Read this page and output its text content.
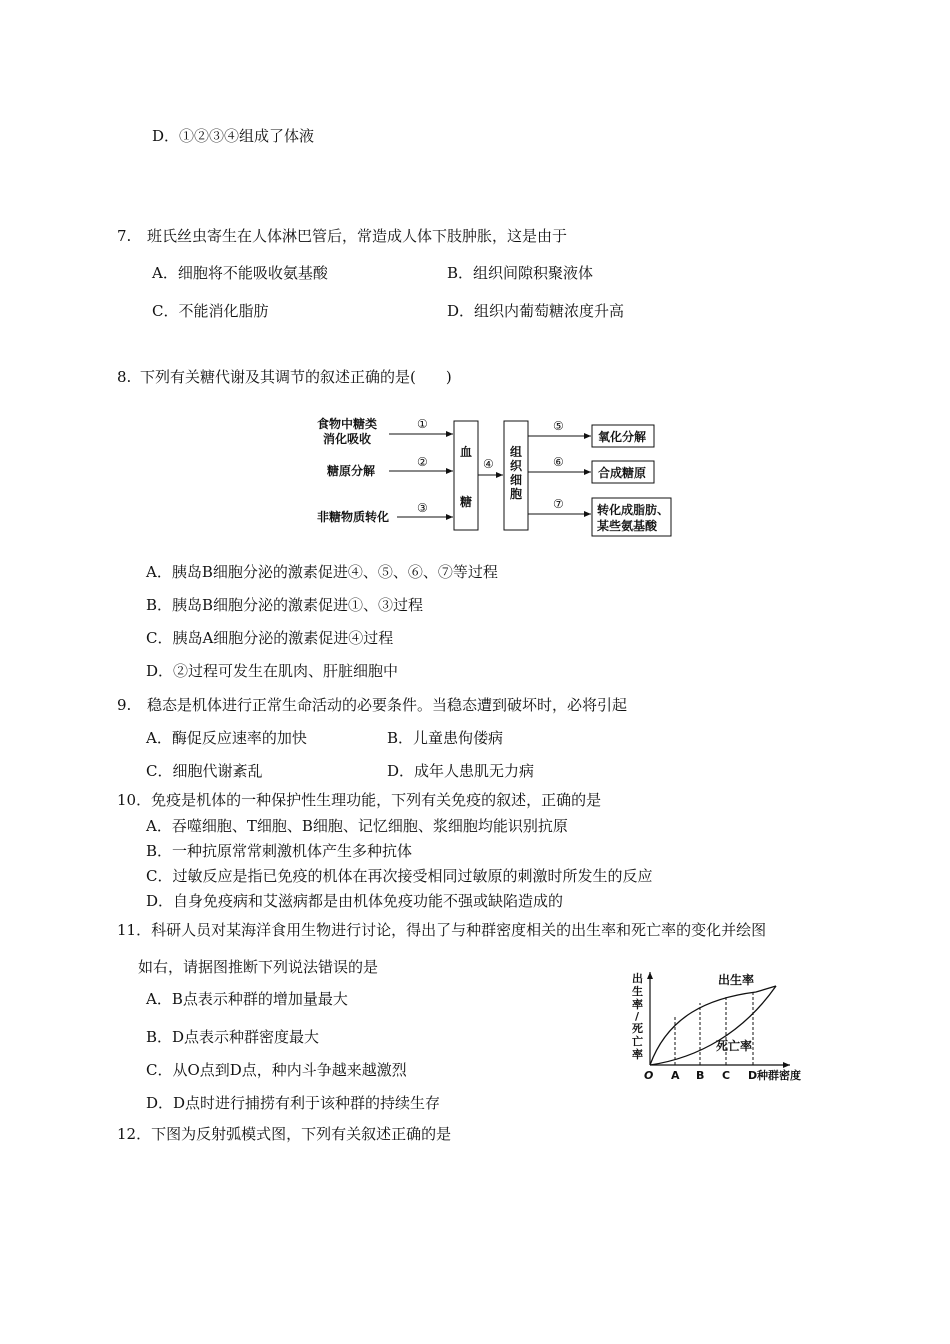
D．①②③④组成了体液
7. 班氏丝虫寄生在人体淋巴管后，常造成人体下肢肿胀，这是由于
A．细胞将不能吸收氨基酸	B．组织间隙积聚液体
C．不能消化脂肪	D．组织内葡萄糖浓度升高
8. 下列有关糖代谢及其调节的叙述正确的是(　　)
食物中糖类
消化吸收
糖原分解
非糖物质转化
①
②
③
血
糖
④
组
织
细
胞
⑤
⑥
⑦
氧化分解
合成糖原
转化成脂肪、
某些氨基酸
A．胰岛B细胞分泌的激素促进④、⑤、⑥、⑦等过程
B．胰岛B细胞分泌的激素促进①、③过程
C．胰岛A细胞分泌的激素促进④过程
D．②过程可发生在肌肉、肝脏细胞中
9. 稳态是机体进行正常生命活动的必要条件。当稳态遭到破坏时，必将引起
A．酶促反应速率的加快	B．儿童患佝偻病
C．细胞代谢紊乱	D．成年人患肌无力病
10．免疫是机体的一种保护性生理功能，下列有关免疫的叙述，正确的是
A．吞噬细胞、T细胞、B细胞、记忆细胞、浆细胞均能识别抗原
B．一种抗原常常刺激机体产生多种抗体
C．过敏反应是指已免疫的机体在再次接受相同过敏原的刺激时所发生的反应
D．自身免疫病和艾滋病都是由机体免疫功能不强或缺陷造成的
11．科研人员对某海洋食用生物进行讨论，得出了与种群密度相关的出生率和死亡率的变化并绘图
如右，请据图推断下列说法错误的是
A．B点表示种群的增加量最大
B．D点表示种群密度最大
C．从O点到D点，种内斗争越来越激烈
D．D点时进行捕捞有利于该种群的持续生存
出
生
率
/
死
亡
率
出生率
死亡率
O A B C D 种群密度
12．下图为反射弧模式图，下列有关叙述正确的是
